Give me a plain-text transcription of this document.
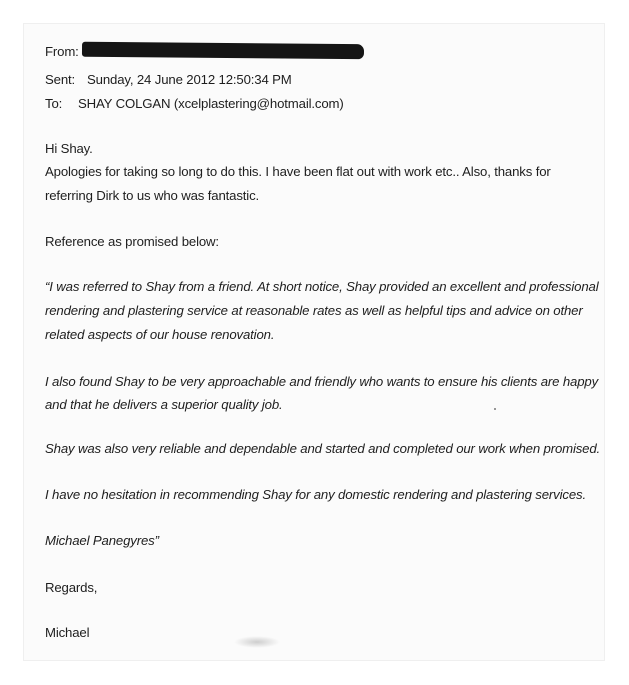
From:
Sent: Sunday, 24 June 2012 12:50:34 PM
To: SHAY COLGAN (xcelplastering@hotmail.com)
Hi Shay.
Apologies for taking so long to do this. I have been flat out with work etc.. Also, thanks for
referring Dirk to us who was fantastic.
Reference as promised below:
“I was referred to Shay from a friend. At short notice, Shay provided an excellent and professional
rendering and plastering service at reasonable rates as well as helpful tips and advice on other
related aspects of our house renovation.
I also found Shay to be very approachable and friendly who wants to ensure his clients are happy
and that he delivers a superior quality job.
Shay was also very reliable and dependable and started and completed our work when promised.
I have no hesitation in recommending Shay for any domestic rendering and plastering services.
Michael Panegyres”
Regards,
Michael
